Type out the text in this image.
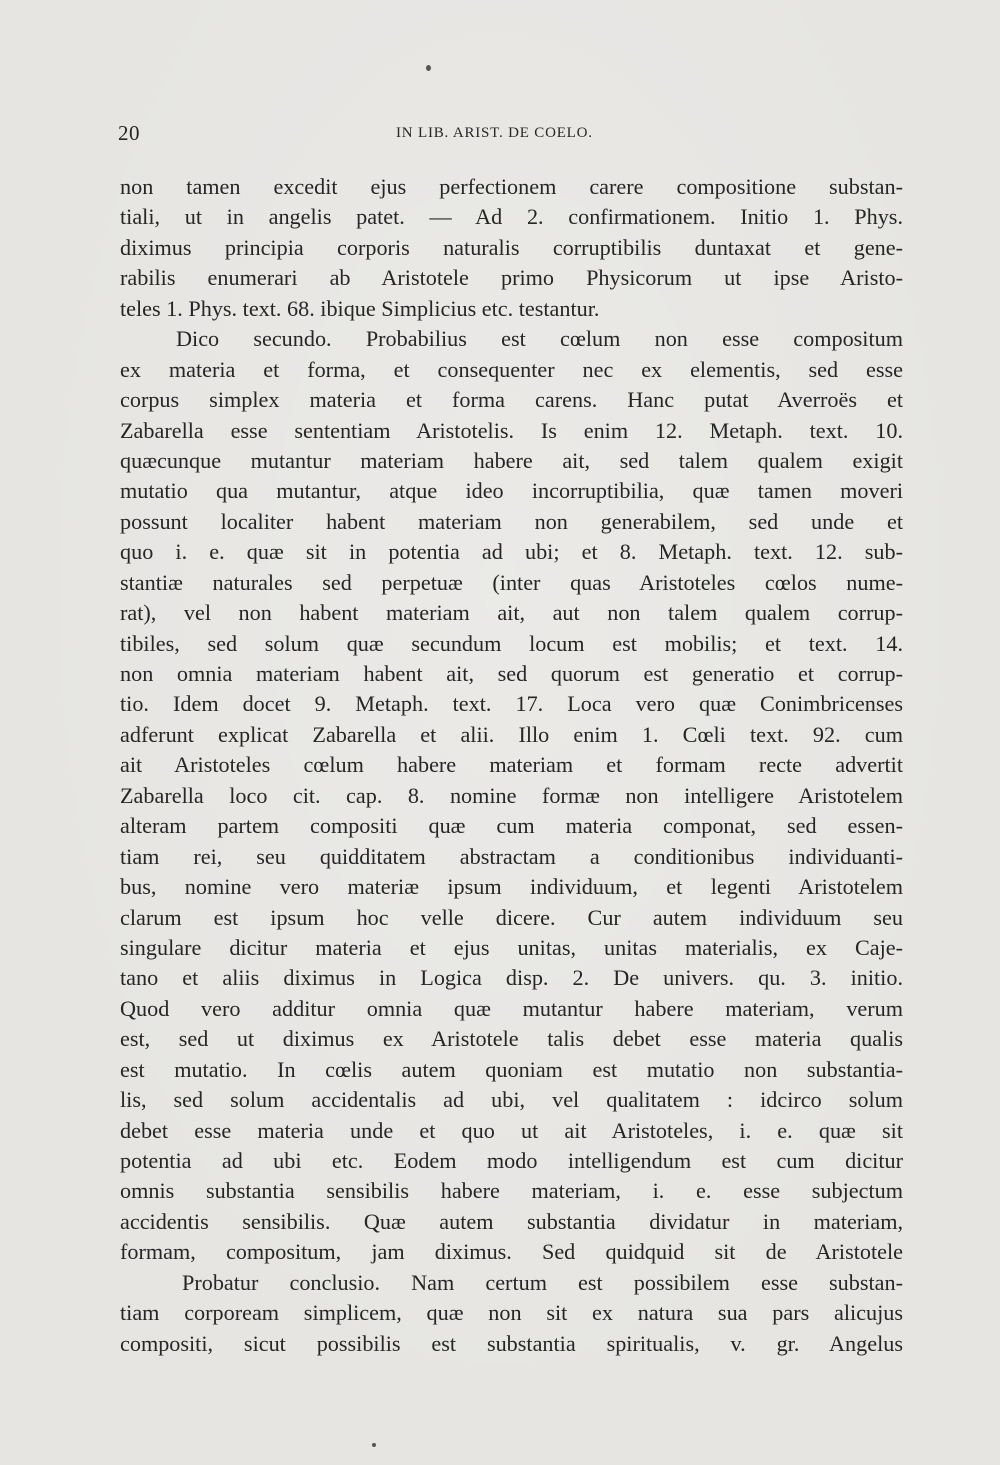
20	IN LIB. ARIST. DE COELO.
non tamen excedit ejus perfectionem carere compositione substan-
tiali, ut in angelis patet. — Ad 2. confirmationem. Initio 1. Phys.
diximus principia corporis naturalis corruptibilis duntaxat et gene-
rabilis enumerari ab Aristotele primo Physicorum ut ipse Aristo-
teles 1. Phys. text. 68. ibique Simplicius etc. testantur.
Dico secundo. Probabilius est cœlum non esse compositum
ex materia et forma, et consequenter nec ex elementis, sed esse
corpus simplex materia et forma carens. Hanc putat Averroës et
Zabarella esse sententiam Aristotelis. Is enim 12. Metaph. text. 10.
quæcunque mutantur materiam habere ait, sed talem qualem exigit
mutatio qua mutantur, atque ideo incorruptibilia, quæ tamen moveri
possunt localiter habent materiam non generabilem, sed unde et
quo i. e. quæ sit in potentia ad ubi; et 8. Metaph. text. 12. sub-
stantiæ naturales sed perpetuæ (inter quas Aristoteles cœlos nume-
rat), vel non habent materiam ait, aut non talem qualem corrup-
tibiles, sed solum quæ secundum locum est mobilis; et text. 14.
non omnia materiam habent ait, sed quorum est generatio et corrup-
tio. Idem docet 9. Metaph. text. 17. Loca vero quæ Conimbricenses
adferunt explicat Zabarella et alii. Illo enim 1. Cœli text. 92. cum
ait Aristoteles cœlum habere materiam et formam recte advertit
Zabarella loco cit. cap. 8. nomine formæ non intelligere Aristotelem
alteram partem compositi quæ cum materia componat, sed essen-
tiam rei, seu quidditatem abstractam a conditionibus individuanti-
bus, nomine vero materiæ ipsum individuum, et legenti Aristotelem
clarum est ipsum hoc velle dicere. Cur autem individuum seu
singulare dicitur materia et ejus unitas, unitas materialis, ex Caje-
tano et aliis diximus in Logica disp. 2. De univers. qu. 3. initio.
Quod vero additur omnia quæ mutantur habere materiam, verum
est, sed ut diximus ex Aristotele talis debet esse materia qualis
est mutatio. In cœlis autem quoniam est mutatio non substantia-
lis, sed solum accidentalis ad ubi, vel qualitatem : idcirco solum
debet esse materia unde et quo ut ait Aristoteles, i. e. quæ sit
potentia ad ubi etc. Eodem modo intelligendum est cum dicitur
omnis substantia sensibilis habere materiam, i. e. esse subjectum
accidentis sensibilis. Quæ autem substantia dividatur in materiam,
formam, compositum, jam diximus. Sed quidquid sit de Aristotele
Probatur conclusio. Nam certum est possibilem esse substan-
tiam corpoream simplicem, quæ non sit ex natura sua pars alicujus
compositi, sicut possibilis est substantia spiritualis, v. gr. Angelus
